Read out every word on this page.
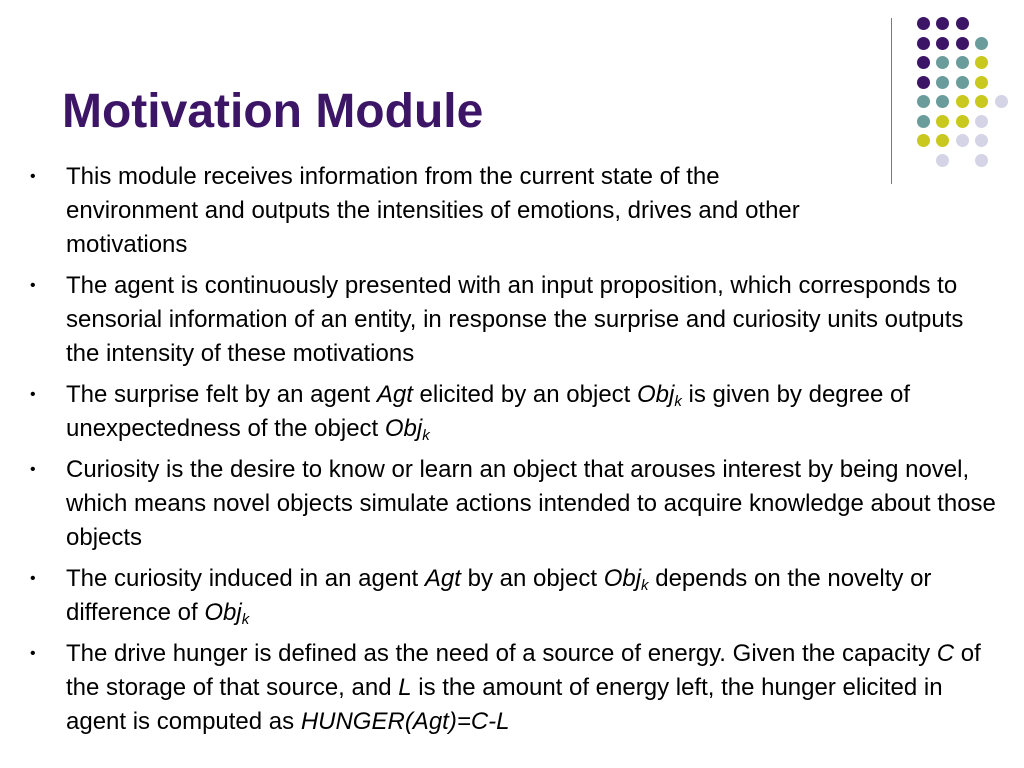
Motivation Module
• This module receives information from the current state of the environment and outputs the intensities of emotions, drives and other motivations
• The agent is continuously presented with an input proposition, which corresponds to sensorial information of an entity, in response the surprise and curiosity units outputs the intensity of these motivations
• The surprise felt by an agent Agt elicited by an object Obj$_k$ is given by degree of unexpectedness of the object Obj$_k$
• Curiosity is the desire to know or learn an object that arouses interest by being novel, which means novel objects simulate actions intended to acquire knowledge about those objects
• The curiosity induced in an agent Agt by an object Obj$_k$ depends on the novelty or difference of Obj$_k$
• The drive hunger is defined as the need of a source of energy. Given the capacity C of the storage of that source, and L is the amount of energy left, the hunger elicited in agent is computed as HUNGER(Agt)=C-L
